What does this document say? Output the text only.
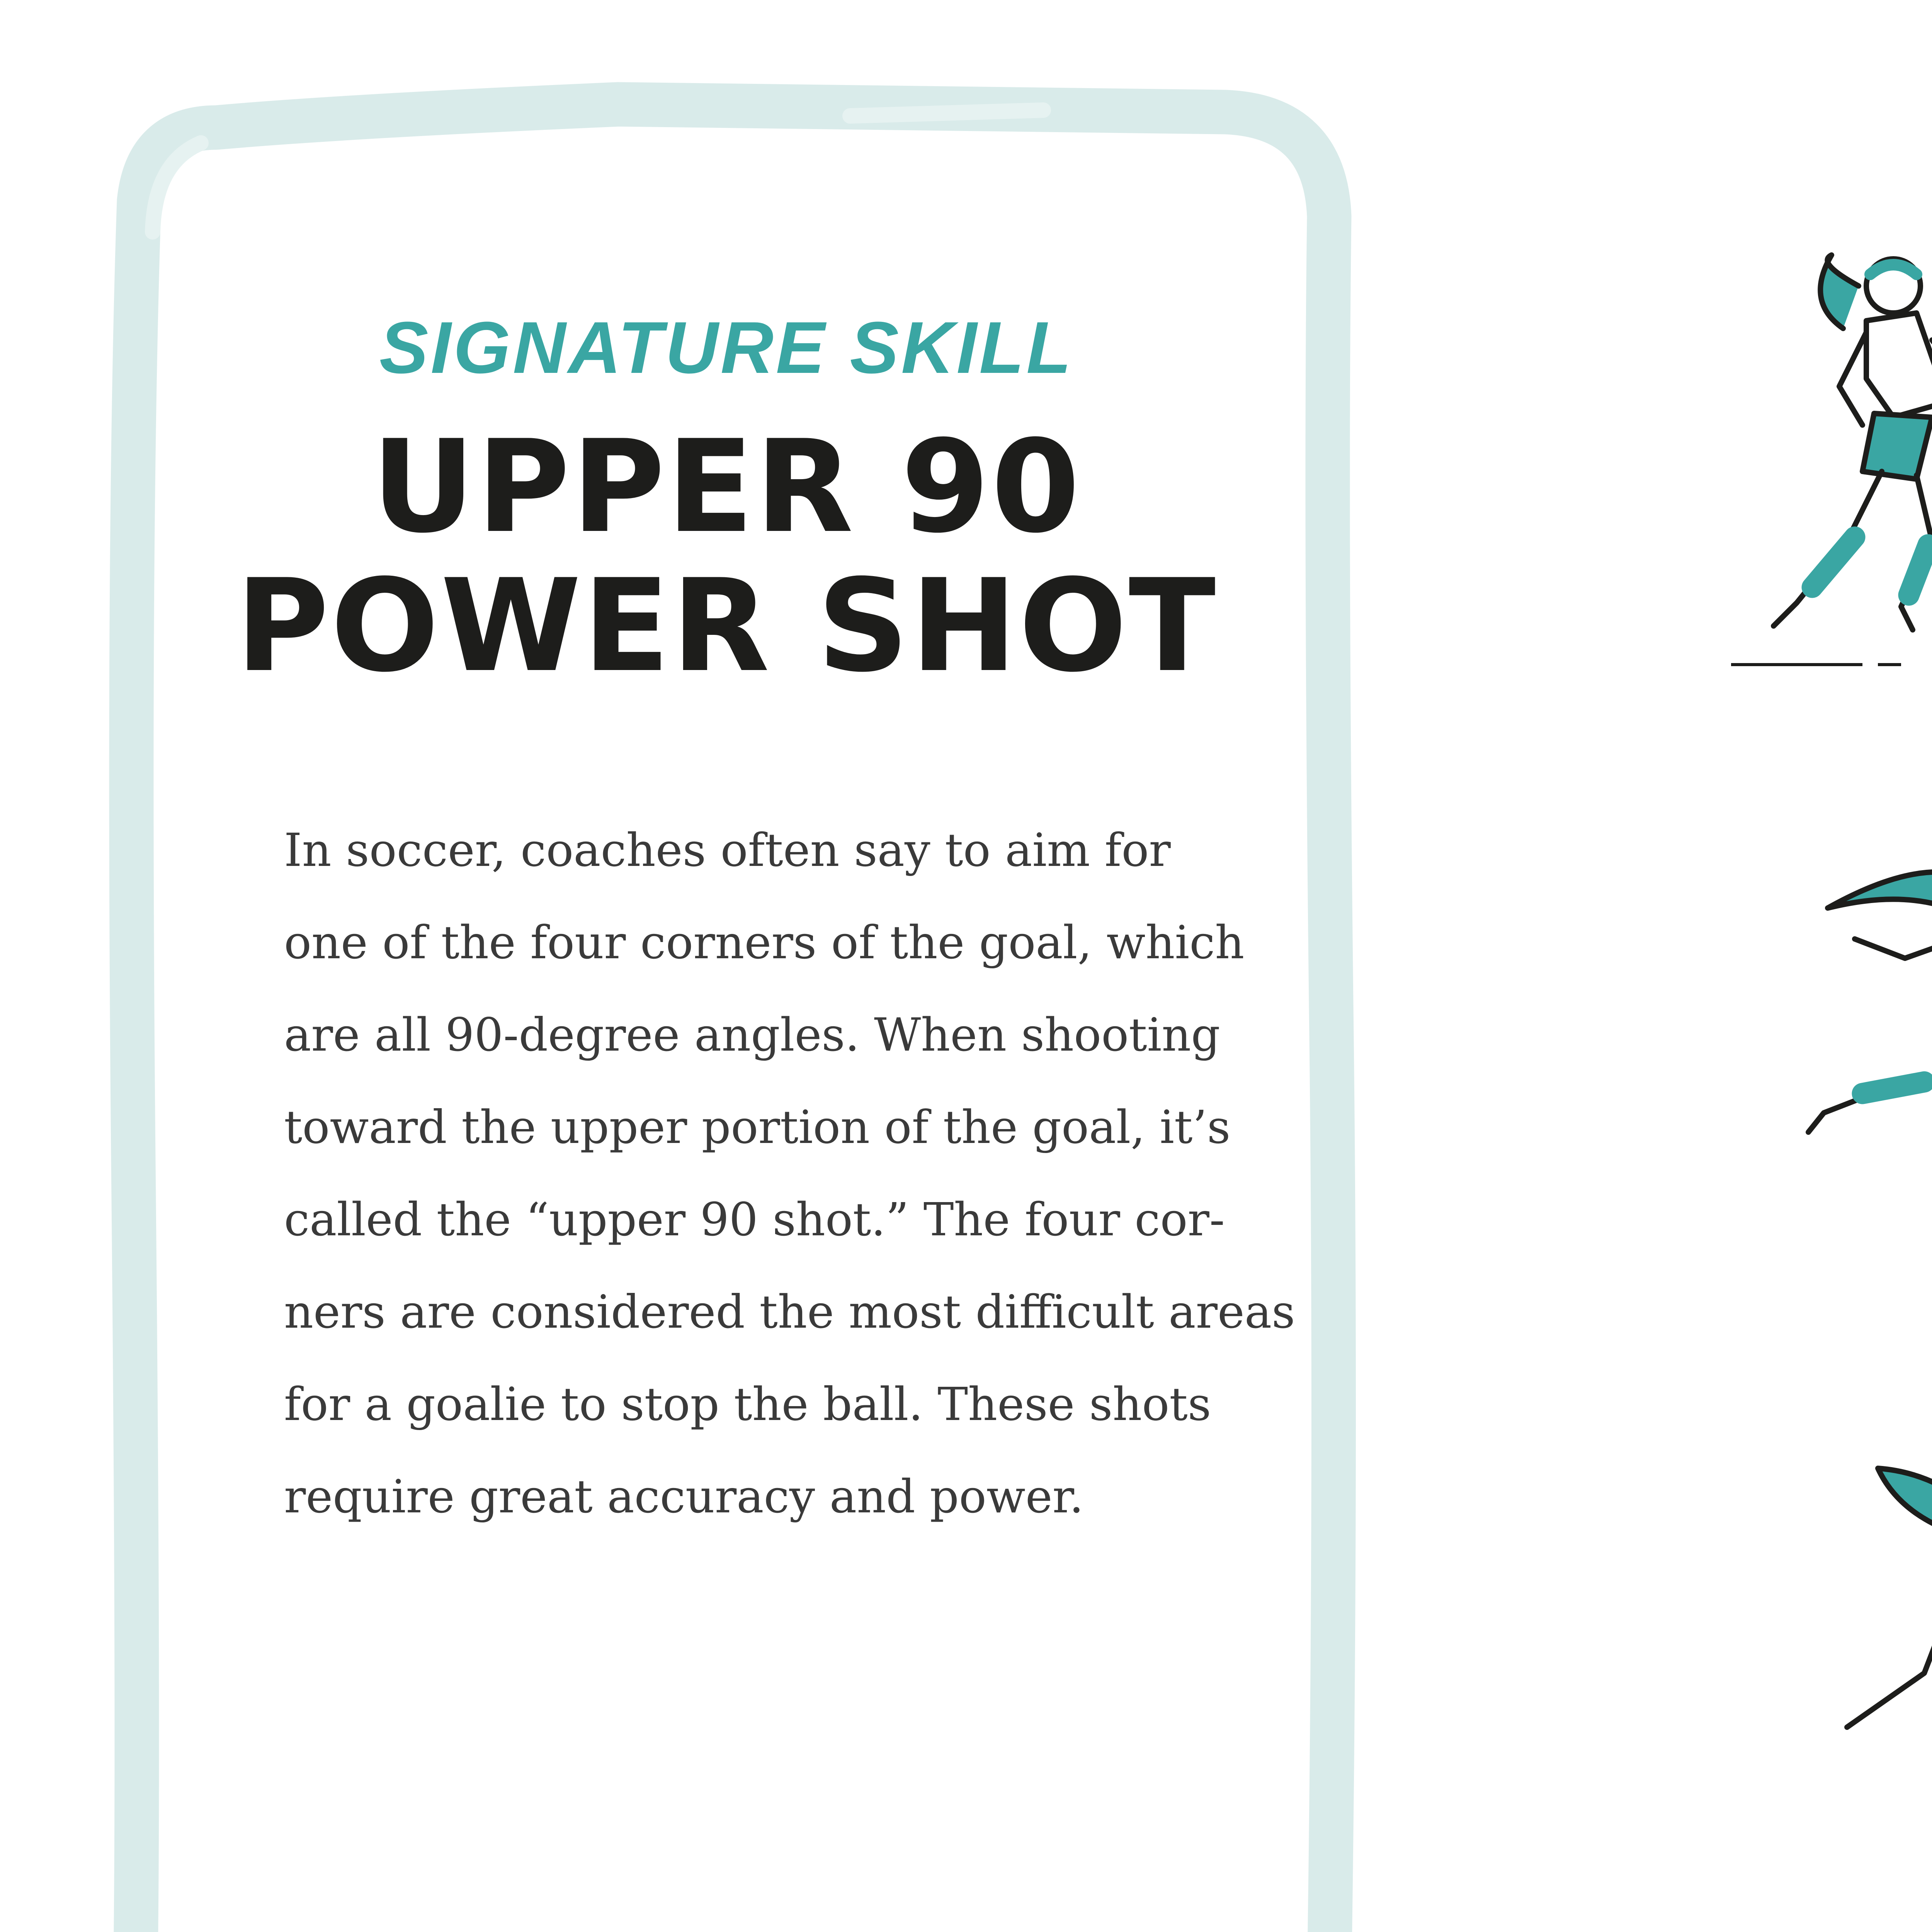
SIGNATURE SKILL
UPPER 90
POWER SHOT
In soccer, coaches often say to aim for
one of the four corners of the goal, which
are all 90-degree angles. When shooting
toward the upper portion of the goal, it’s
called the “upper 90 shot.” The four cor-
ners are considered the most difficult areas
for a goalie to stop the ball. These shots
require great accuracy and power.
